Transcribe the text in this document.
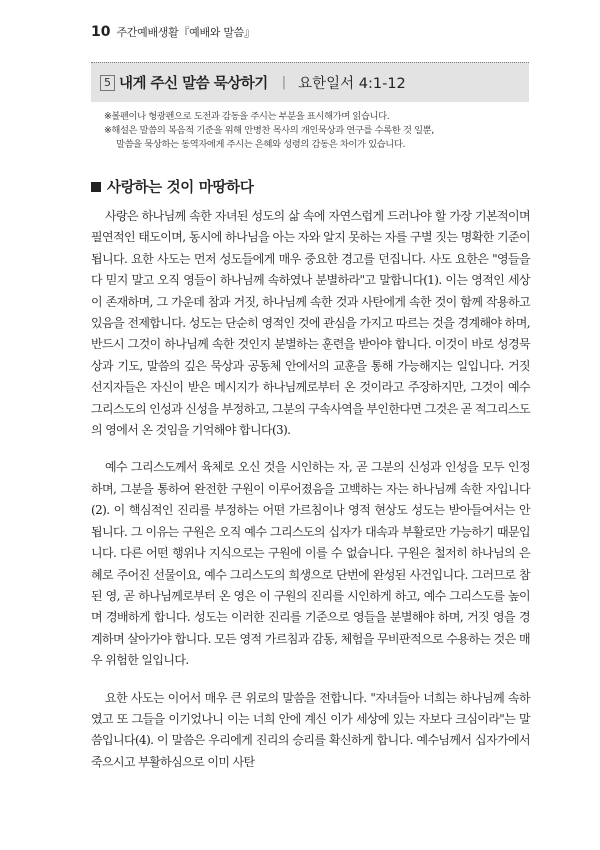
10 주간예배생활『예배와 말씀』
5 내게 주신 말씀 묵상하기 | 요한일서 4:1-12

※볼펜이나 형광펜으로 도전과 감동을 주시는 부분을 표시해가며 읽습니다.

※해설은 말씀의 복음적 기준을 위해 안병찬 목사의 개인묵상과 연구를 수록한 것 일뿐,

말씀을 묵상하는 동역자에게 주시는 은혜와 성령의 감동은 차이가 있습니다.

사랑하는 것이 마땅하다

사랑은 하나님께 속한 자녀된 성도의 삶 속에 자연스럽게 드러나야 할 가장 기본적이며 필연적인 태도이며, 동시에 하나님을 아는 자와 알지 못하는 자를 구별 짓는 명확한 기준이 됩니다. 요한 사도는 먼저 성도들에게 매우 중요한 경고를 던집니다. 사도 요한은 "영들을 다 믿지 말고 오직 영들이 하나님께 속하였나 분별하라"고 말합니다(1). 이는 영적인 세상이 존재하며, 그 가운데 참과 거짓, 하나님께 속한 것과 사탄에게 속한 것이 함께 작용하고 있음을 전제합니다. 성도는 단순히 영적인 것에 관심을 가지고 따르는 것을 경계해야 하며, 반드시 그것이 하나님께 속한 것인지 분별하는 훈련을 받아야 합니다. 이것이 바로 성경묵상과 기도, 말씀의 깊은 묵상과 공동체 안에서의 교훈을 통해 가능해지는 일입니다. 거짓 선지자들은 자신이 받은 메시지가 하나님께로부터 온 것이라고 주장하지만, 그것이 예수 그리스도의 인성과 신성을 부정하고, 그분의 구속사역을 부인한다면 그것은 곧 적그리스도의 영에서 온 것임을 기억해야 합니다(3).

예수 그리스도께서 육체로 오신 것을 시인하는 자, 곧 그분의 신성과 인성을 모두 인정하며, 그분을 통하여 완전한 구원이 이루어졌음을 고백하는 자는 하나님께 속한 자입니다(2). 이 핵심적인 진리를 부정하는 어떤 가르침이나 영적 현상도 성도는 받아들여서는 안 됩니다. 그 이유는 구원은 오직 예수 그리스도의 십자가 대속과 부활로만 가능하기 때문입니다. 다른 어떤 행위나 지식으로는 구원에 이를 수 없습니다. 구원은 철저히 하나님의 은혜로 주어진 선물이요, 예수 그리스도의 희생으로 단번에 완성된 사건입니다. 그러므로 참된 영, 곧 하나님께로부터 온 영은 이 구원의 진리를 시인하게 하고, 예수 그리스도를 높이며 경배하게 합니다. 성도는 이러한 진리를 기준으로 영들을 분별해야 하며, 거짓 영을 경계하며 살아가야 합니다. 모든 영적 가르침과 감동, 체험을 무비판적으로 수용하는 것은 매우 위험한 일입니다.

요한 사도는 이어서 매우 큰 위로의 말씀을 전합니다. "자녀들아 너희는 하나님께 속하였고 또 그들을 이기었나니 이는 너희 안에 계신 이가 세상에 있는 자보다 크심이라"는 말씀입니다(4). 이 말씀은 우리에게 진리의 승리를 확신하게 합니다. 예수님께서 십자가에서 죽으시고 부활하심으로 이미 사탄
